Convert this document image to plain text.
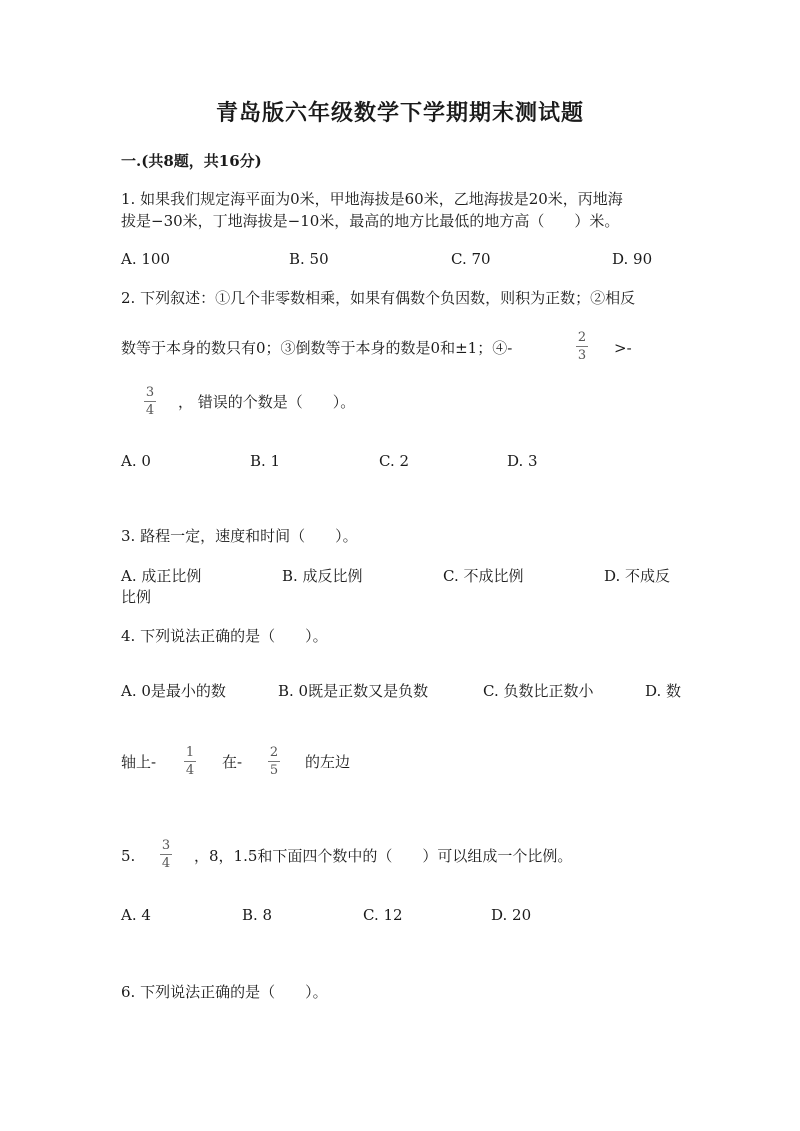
青岛版六年级数学下学期期末测试题
一.(共8题，共16分)
1. 如果我们规定海平面为0米，甲地海拔是60米，乙地海拔是20米，丙地海
拔是−30米，丁地海拔是−10米，最高的地方比最低的地方高（　　）米。
A. 100	B. 50	C. 70	D. 90
2. 下列叙述：①几个非零数相乘，如果有偶数个负因数，则积为正数；②相反
数等于本身的数只有0；③倒数等于本身的数是0和±1；④-
2
3 >-
3
4 ， 错误的个数是（　　）。
A. 0	B. 1	C. 2	D. 3
3. 路程一定，速度和时间（　　）。
A. 成正比例	B. 成反比例	C. 不成比例	D. 不成反
比例
4. 下列说法正确的是（　　）。
A. 0是最小的数	B. 0既是正数又是负数	C. 负数比正数小	D. 数
轴上-
1
4 在-
2
5 的左边
5.
3
4 ，8，1.5和下面四个数中的（　　）可以组成一个比例。
A. 4	B. 8	C. 12	D. 20
6. 下列说法正确的是（　　）。
